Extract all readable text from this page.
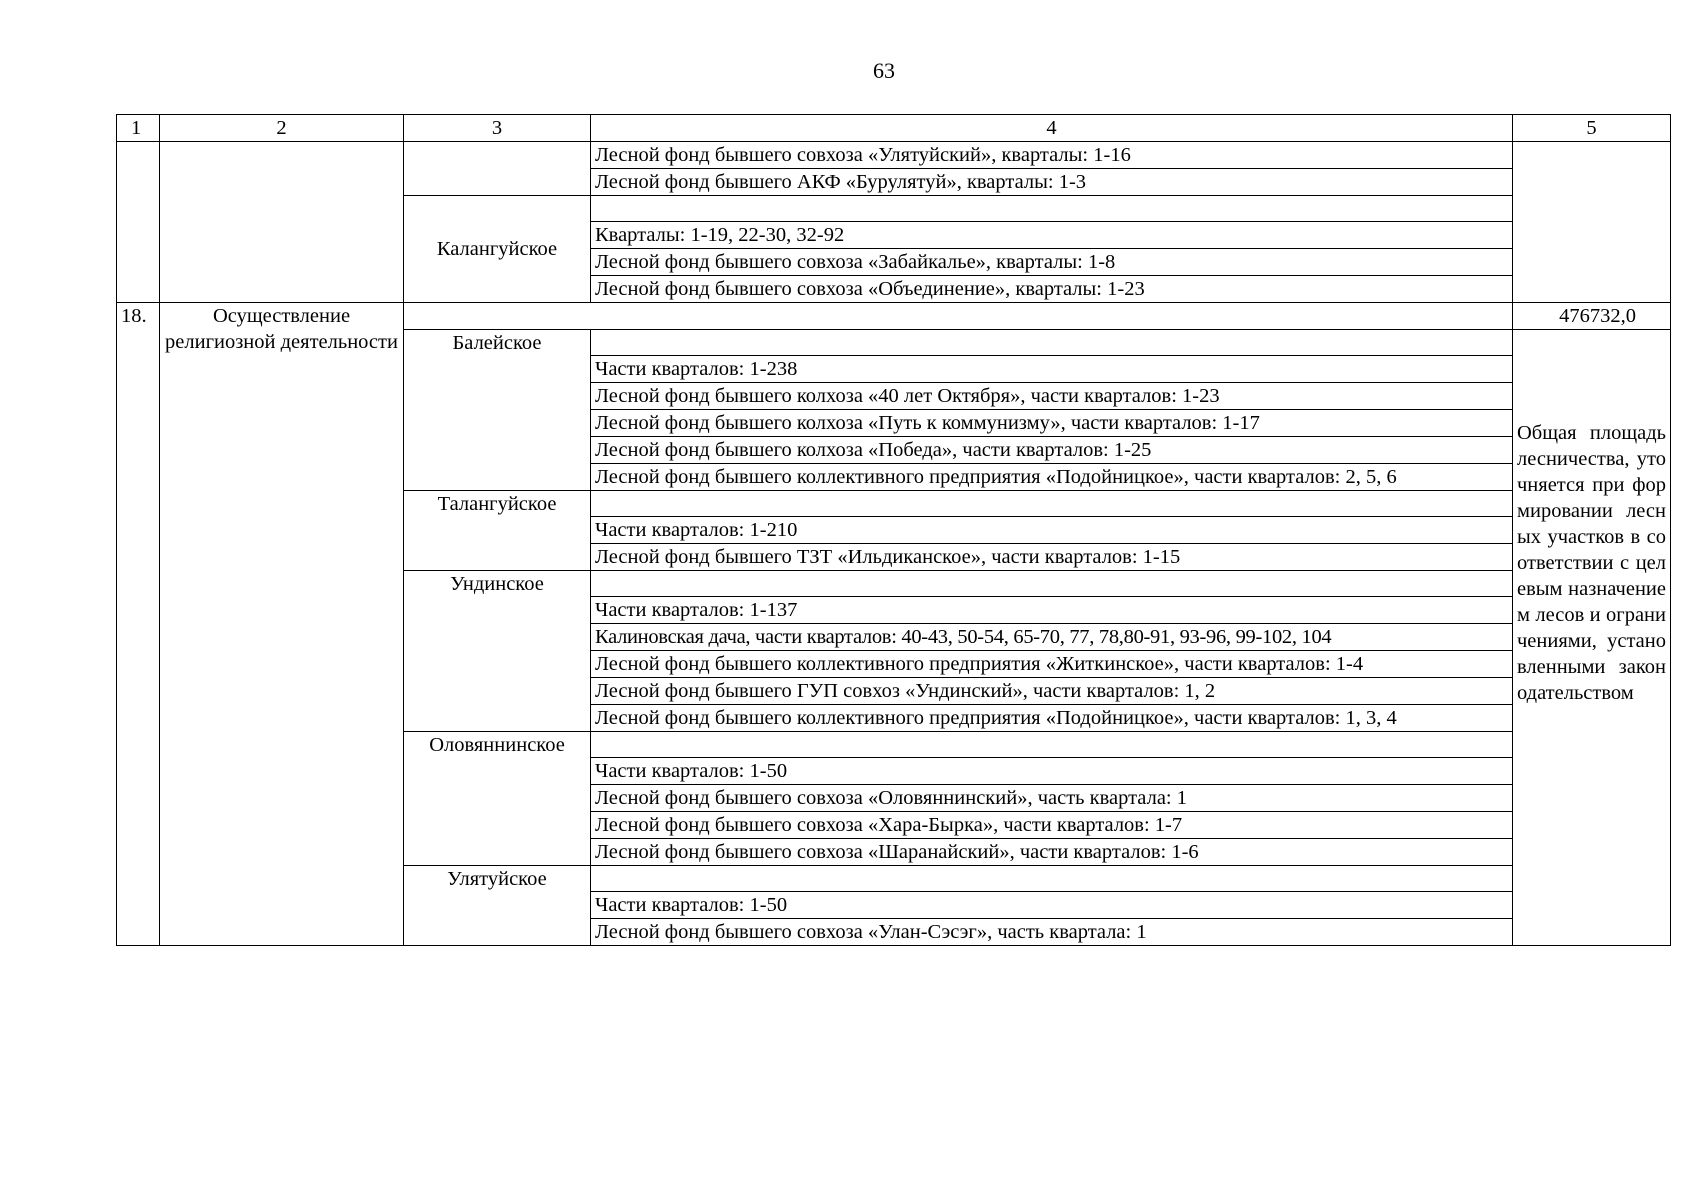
63
1	2	3	4	5
			Лесной фонд бывшего совхоза «Улятуйский», кварталы: 1-16	
			Лесной фонд бывшего АКФ «Бурулятуй», кварталы: 1-3	
		Калангуйское		
			Кварталы: 1-19, 22-30, 32-92	
			Лесной фонд бывшего совхоза «Забайкалье», кварталы: 1-8	
			Лесной фонд бывшего совхоза «Объединение», кварталы: 1-23	
18.	Осуществление религиозной деятельности			476732,0
		Балейское		Общая площадь лесничества, уточняется при формировании лесных участков в соответствии с целевым назначением лесов и ограничениями, установленными законодательством

			Части кварталов: 1-238	
			Лесной фонд бывшего колхоза «40 лет Октября», части кварталов: 1-23	
			Лесной фонд бывшего колхоза «Путь к коммунизму», части кварталов: 1-17	
			Лесной фонд бывшего колхоза «Победа», части кварталов: 1-25	
			Лесной фонд бывшего коллективного предприятия «Подойницкое», части кварталов: 2, 5, 6	
		Талангуйское		
			Части кварталов: 1-210	
			Лесной фонд бывшего ТЗТ «Ильдиканское», части кварталов: 1-15	
		Ундинское		
			Части кварталов: 1-137	
			Калиновская дача, части кварталов: 40-43, 50-54, 65-70, 77, 78,80-91, 93-96, 99-102, 104	
			Лесной фонд бывшего коллективного предприятия «Житкинское», части кварталов: 1-4	
			Лесной фонд бывшего ГУП совхоз «Ундинский», части кварталов: 1, 2	
			Лесной фонд бывшего коллективного предприятия «Подойницкое», части кварталов: 1, 3, 4	
		Оловяннинское		
			Части кварталов: 1-50	
			Лесной фонд бывшего совхоза «Оловяннинский», часть квартала: 1	
			Лесной фонд бывшего совхоза «Хара-Бырка», части кварталов: 1-7	
			Лесной фонд бывшего совхоза «Шаранайский», части кварталов: 1-6	
		Улятуйское		
			Части кварталов: 1-50	
			Лесной фонд бывшего совхоза «Улан-Сэсэг», часть квартала: 1	
